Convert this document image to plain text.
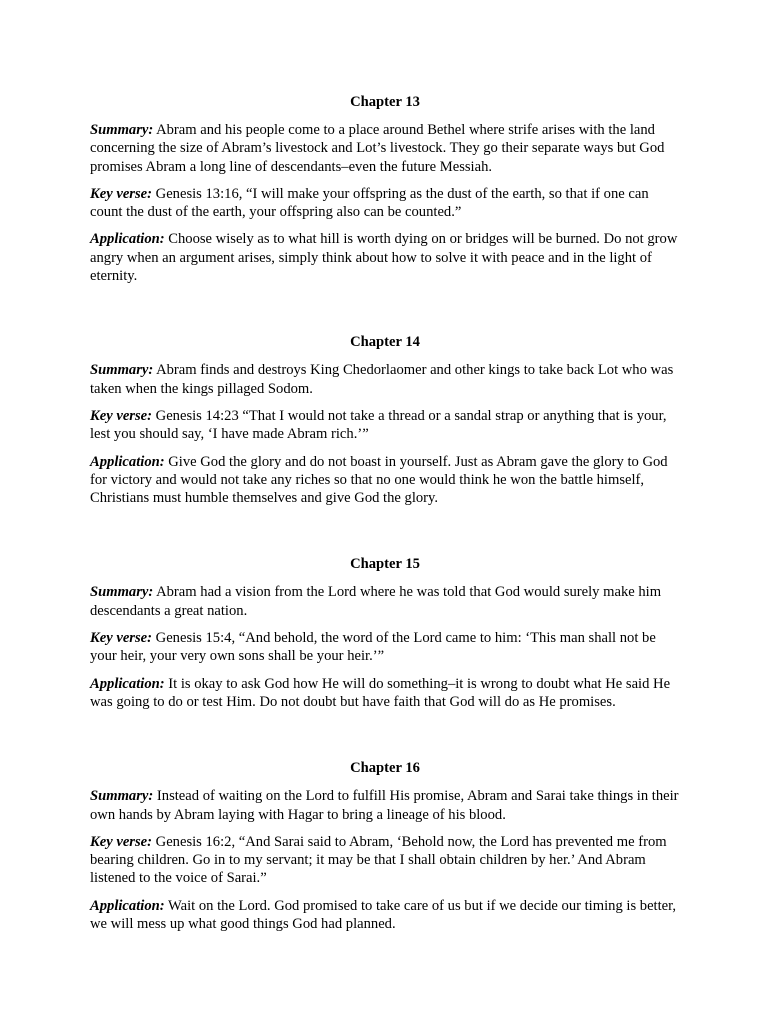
Chapter 13

Summary: Abram and his people come to a place around Bethel where strife arises with the land concerning the size of Abram’s livestock and Lot’s livestock. They go their separate ways but God promises Abram a long line of descendants–even the future Messiah.

Key verse: Genesis 13:16, “I will make your offspring as the dust of the earth, so that if one can count the dust of the earth, your offspring also can be counted.”

Application: Choose wisely as to what hill is worth dying on or bridges will be burned. Do not grow angry when an argument arises, simply think about how to solve it with peace and in the light of eternity.

Chapter 14

Summary: Abram finds and destroys King Chedorlaomer and other kings to take back Lot who was taken when the kings pillaged Sodom.

Key verse: Genesis 14:23 “That I would not take a thread or a sandal strap or anything that is your, lest you should say, ‘I have made Abram rich.’”

Application: Give God the glory and do not boast in yourself. Just as Abram gave the glory to God for victory and would not take any riches so that no one would think he won the battle himself, Christians must humble themselves and give God the glory.

Chapter 15

Summary: Abram had a vision from the Lord where he was told that God would surely make him descendants a great nation.

Key verse: Genesis 15:4, “And behold, the word of the Lord came to him: ‘This man shall not be your heir, your very own sons shall be your heir.’”

Application: It is okay to ask God how He will do something–it is wrong to doubt what He said He was going to do or test Him. Do not doubt but have faith that God will do as He promises.

Chapter 16

Summary: Instead of waiting on the Lord to fulfill His promise, Abram and Sarai take things in their own hands by Abram laying with Hagar to bring a lineage of his blood.

Key verse: Genesis 16:2, “And Sarai said to Abram, ‘Behold now, the Lord has prevented me from bearing children. Go in to my servant; it may be that I shall obtain children by her.’ And Abram listened to the voice of Sarai.”

Application: Wait on the Lord. God promised to take care of us but if we decide our timing is better, we will mess up what good things God had planned.
